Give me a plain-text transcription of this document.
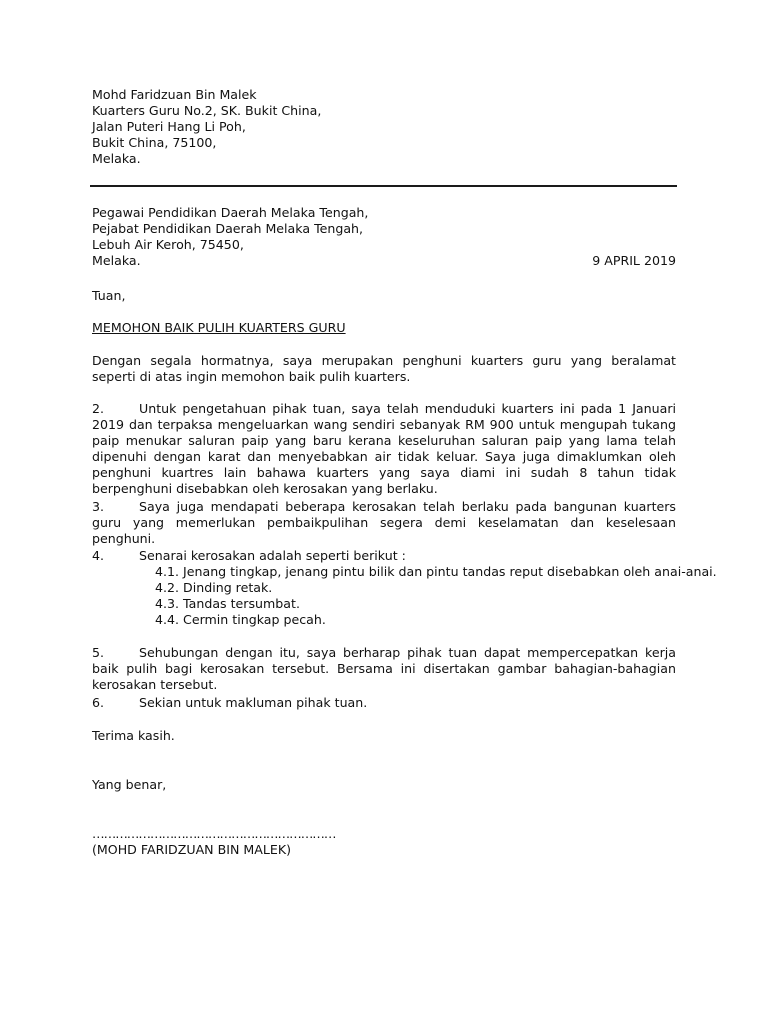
Mohd Faridzuan Bin Malek
Kuarters Guru No.2, SK. Bukit China,
Jalan Puteri Hang Li Poh,
Bukit China, 75100,
Melaka.
Pegawai Pendidikan Daerah Melaka Tengah,
Pejabat Pendidikan Daerah Melaka Tengah,
Lebuh Air Keroh, 75450,
Melaka.	9 APRIL 2019
Tuan,
MEMOHON BAIK PULIH KUARTERS GURU
Dengan segala hormatnya, saya merupakan penghuni kuarters guru yang beralamat seperti di atas ingin memohon baik pulih kuarters.
2.	Untuk pengetahuan pihak tuan, saya telah menduduki kuarters ini pada 1 Januari 2019 dan terpaksa mengeluarkan wang sendiri sebanyak RM 900 untuk mengupah tukang paip menukar saluran paip yang baru kerana keseluruhan saluran paip yang lama telah dipenuhi dengan karat dan menyebabkan air tidak keluar. Saya juga dimaklumkan oleh penghuni kuartres lain bahawa kuarters yang saya diami ini sudah 8 tahun tidak berpenghuni disebabkan oleh kerosakan yang berlaku.
3.	Saya juga mendapati beberapa kerosakan telah berlaku pada bangunan kuarters guru yang memerlukan pembaikpulihan segera demi keselamatan dan keselesaan penghuni.
4.	Senarai kerosakan adalah seperti berikut :
4.1. Jenang tingkap, jenang pintu bilik dan pintu tandas reput disebabkan oleh anai-anai.
4.2. Dinding retak.
4.3. Tandas tersumbat.
4.4. Cermin tingkap pecah.
5.	Sehubungan dengan itu, saya berharap pihak tuan dapat mempercepatkan kerja baik pulih bagi kerosakan tersebut. Bersama ini disertakan gambar bahagian-bahagian kerosakan tersebut.
6.	Sekian untuk makluman pihak tuan.
Terima kasih.
Yang benar,
………………………………………………………
(MOHD FARIDZUAN BIN MALEK)
